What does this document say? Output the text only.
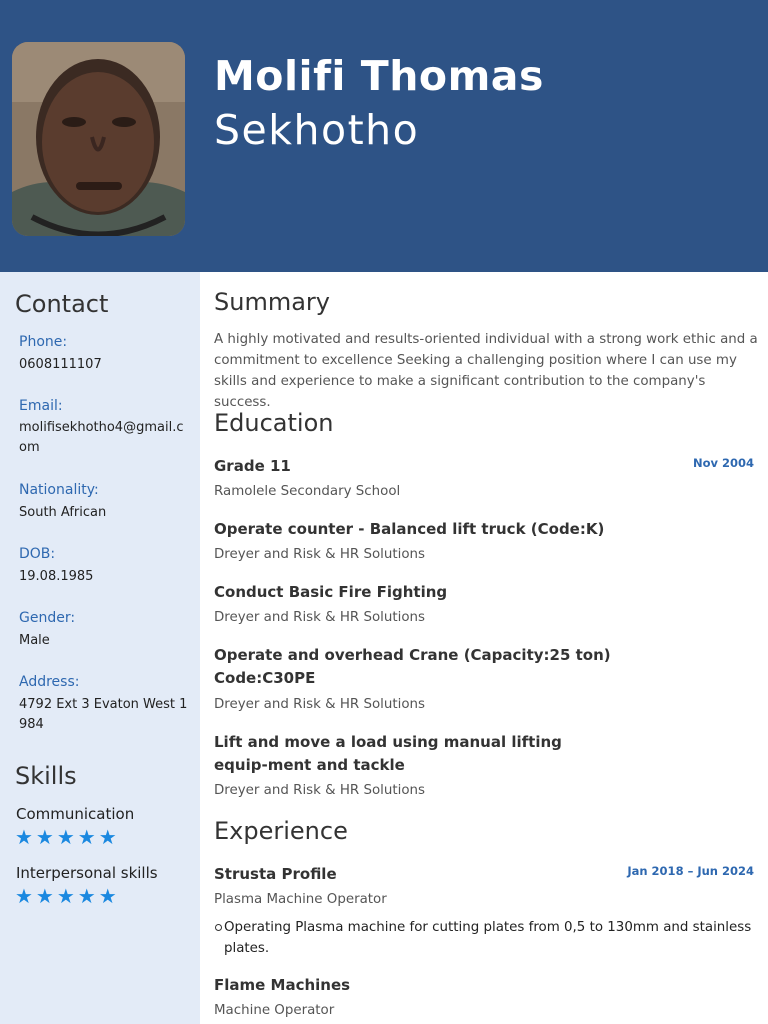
Molifi Thomas
Sekhotho
Contact
Phone:
0608111107
Email:
molifisekhotho4@gmail.com
Nationality:
South African
DOB:
19.08.1985
Gender:
Male
Address:
4792 Ext 3 Evaton West 1984
Skills
Communication
★★★★★
Interpersonal skills
★★★★★
Summary
A highly motivated and results-oriented individual with a strong work ethic and a commitment to excellence Seeking a challenging position where I can use my skills and experience to make a significant contribution to the company's success.
Education
Grade 11	Nov 2004
Ramolele Secondary School
Operate counter - Balanced lift truck (Code:K)
Dreyer and Risk & HR Solutions
Conduct Basic Fire Fighting
Dreyer and Risk & HR Solutions
Operate and overhead Crane (Capacity:25 ton) Code:C30PE
Dreyer and Risk & HR Solutions
Lift and move a load using manual lifting equip-ment and tackle
Dreyer and Risk & HR Solutions
Experience
Strusta Profile	Jan 2018 – Jun 2024
Plasma Machine Operator
Operating Plasma machine for cutting plates from 0,5 to 130mm and stainless plates.
Flame Machines
Machine Operator
